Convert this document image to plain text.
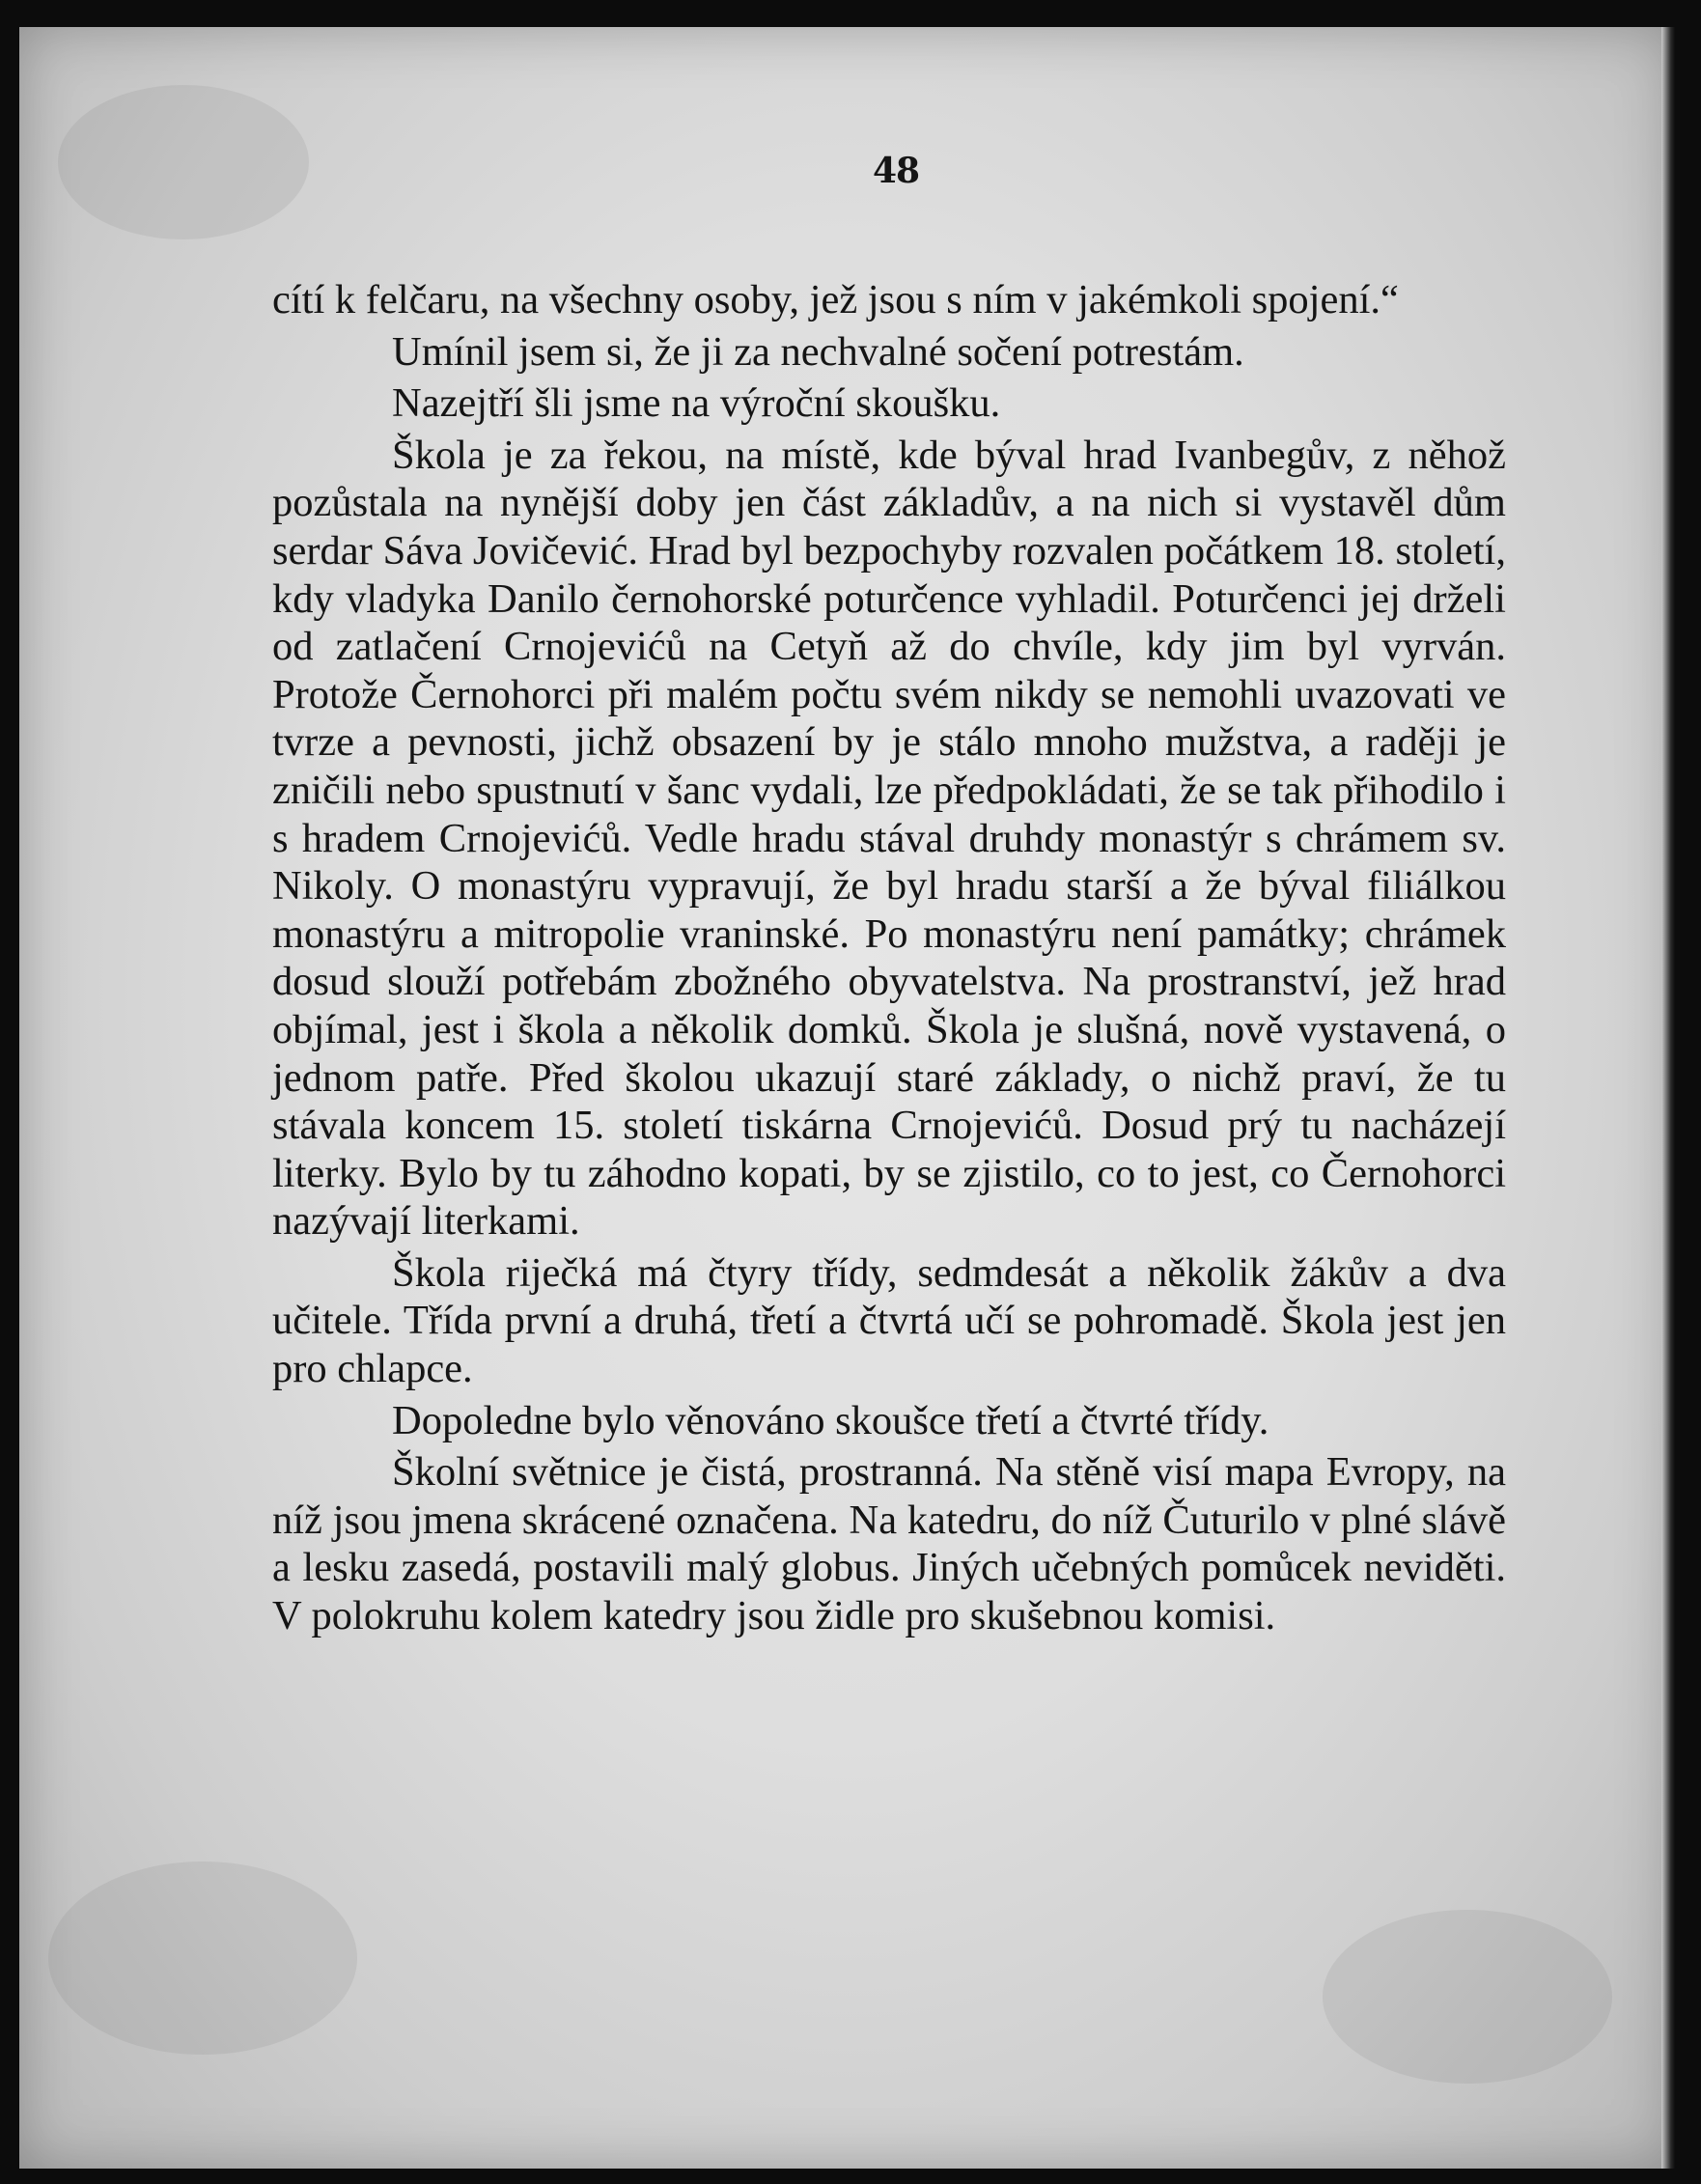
48

cítí k felčaru, na všechny osoby, jež jsou s ním v jakémkoli spojení.“

Umínil jsem si, že ji za nechvalné sočení potrestám.

Nazejtří šli jsme na výroční skoušku.

Škola je za řekou, na místě, kde býval hrad Ivanbegův, z něhož pozůstala na nynější doby jen část základův, a na nich si vystavěl dům serdar Sáva Jovičević. Hrad byl bezpochyby rozvalen počátkem 18. století, kdy vladyka Danilo černohorské poturčence vyhladil. Poturčenci jej drželi od zatlačení Crnojevićů na Cetyň až do chvíle, kdy jim byl vyrván. Protože Černohorci při malém počtu svém nikdy se nemohli uvazovati ve tvrze a pevnosti, jichž obsazení by je stálo mnoho mužstva, a raději je zničili nebo spustnutí v šanc vydali, lze předpokládati, že se tak přihodilo i s hradem Crnojevićů. Vedle hradu stával druhdy monastýr s chrámem sv. Nikoly. O monastýru vypravují, že byl hradu starší a že býval filiálkou monastýru a mitropolie vraninské. Po monastýru není památky; chrámek dosud slouží potřebám zbožného obyvatelstva. Na prostranství, jež hrad objímal, jest i škola a několik domků. Škola je slušná, nově vystavená, o jednom patře. Před školou ukazují staré základy, o nichž praví, že tu stávala koncem 15. století tiskárna Crnojevićů. Dosud prý tu nacházejí literky. Bylo by tu záhodno kopati, by se zjistilo, co to jest, co Černohorci nazývají literkami.

Škola riječká má čtyry třídy, sedmdesát a několik žákův a dva učitele. Třída první a druhá, třetí a čtvrtá učí se pohromadě. Škola jest jen pro chlapce.

Dopoledne bylo věnováno skoušce třetí a čtvrté třídy.

Školní světnice je čistá, prostranná. Na stěně visí mapa Evropy, na níž jsou jmena skrácené označena. Na katedru, do níž Čuturilo v plné slávě a lesku zasedá, postavili malý globus. Jiných učebných pomůcek neviděti. V polokruhu kolem katedry jsou židle pro skušebnou komisi.
